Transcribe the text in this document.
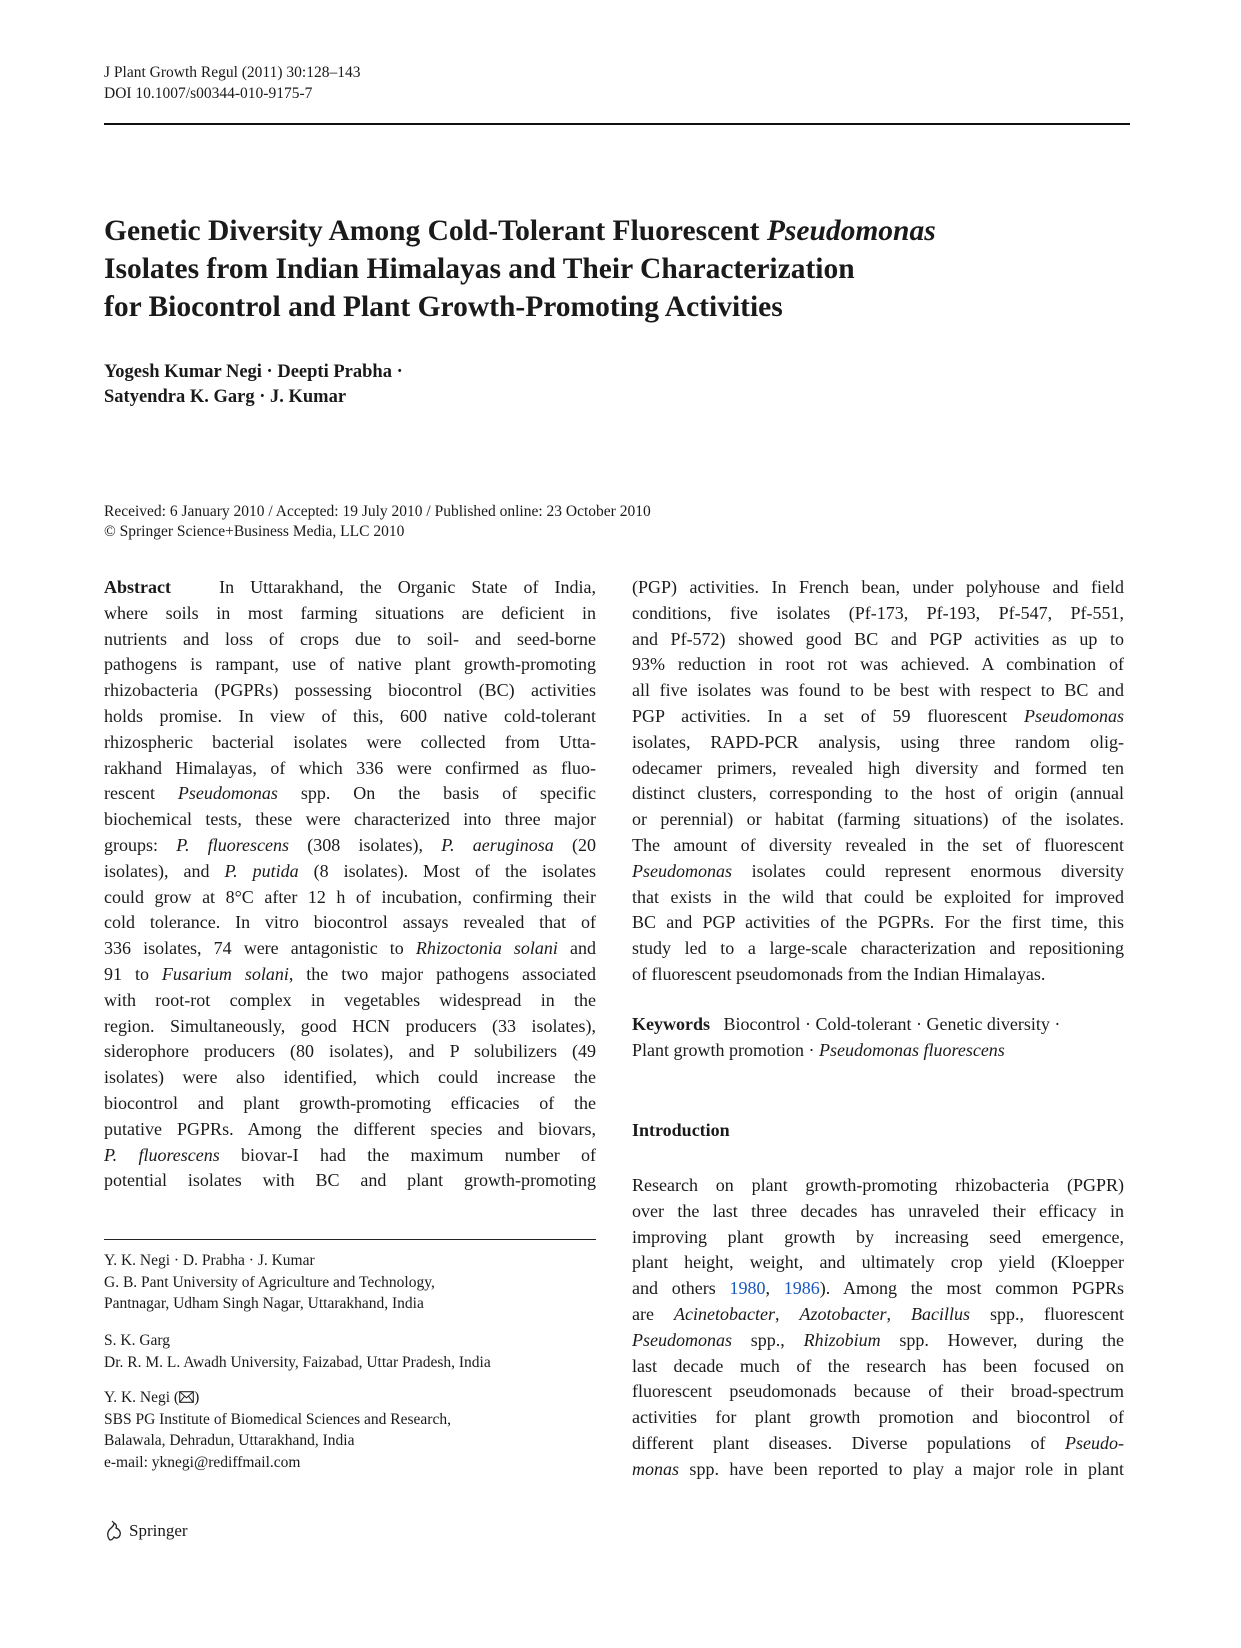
J Plant Growth Regul (2011) 30:128–143
DOI 10.1007/s00344-010-9175-7
Genetic Diversity Among Cold-Tolerant Fluorescent Pseudomonas
Isolates from Indian Himalayas and Their Characterization
for Biocontrol and Plant Growth-Promoting Activities
Yogesh Kumar Negi · Deepti Prabha ·
Satyendra K. Garg · J. Kumar
Received: 6 January 2010 / Accepted: 19 July 2010 / Published online: 23 October 2010
© Springer Science+Business Media, LLC 2010
Abstract	In Uttarakhand, the Organic State of India,
where soils in most farming situations are deficient in
nutrients and loss of crops due to soil- and seed-borne
pathogens is rampant, use of native plant growth-promoting
rhizobacteria (PGPRs) possessing biocontrol (BC) activities
holds promise. In view of this, 600 native cold-tolerant
rhizospheric bacterial isolates were collected from Utta-
rakhand Himalayas, of which 336 were confirmed as fluo-
rescent Pseudomonas spp. On the basis of specific
biochemical tests, these were characterized into three major
groups: P. fluorescens (308 isolates), P. aeruginosa (20
isolates), and P. putida (8 isolates). Most of the isolates
could grow at 8°C after 12 h of incubation, confirming their
cold tolerance. In vitro biocontrol assays revealed that of
336 isolates, 74 were antagonistic to Rhizoctonia solani and
91 to Fusarium solani, the two major pathogens associated
with root-rot complex in vegetables widespread in the
region. Simultaneously, good HCN producers (33 isolates),
siderophore producers (80 isolates), and P solubilizers (49
isolates) were also identified, which could increase the
biocontrol and plant growth-promoting efficacies of the
putative PGPRs. Among the different species and biovars,
P. fluorescens biovar-I had the maximum number of
potential isolates with BC and plant growth-promoting
(PGP) activities. In French bean, under polyhouse and field
conditions, five isolates (Pf-173, Pf-193, Pf-547, Pf-551,
and Pf-572) showed good BC and PGP activities as up to
93% reduction in root rot was achieved. A combination of
all five isolates was found to be best with respect to BC and
PGP activities. In a set of 59 fluorescent Pseudomonas
isolates, RAPD-PCR analysis, using three random olig-
odecamer primers, revealed high diversity and formed ten
distinct clusters, corresponding to the host of origin (annual
or perennial) or habitat (farming situations) of the isolates.
The amount of diversity revealed in the set of fluorescent
Pseudomonas isolates could represent enormous diversity
that exists in the wild that could be exploited for improved
BC and PGP activities of the PGPRs. For the first time, this
study led to a large-scale characterization and repositioning
of fluorescent pseudomonads from the Indian Himalayas.
Keywords Biocontrol · Cold-tolerant · Genetic diversity ·
Plant growth promotion · Pseudomonas fluorescens
Introduction
Research on plant growth-promoting rhizobacteria (PGPR)
over the last three decades has unraveled their efficacy in
improving plant growth by increasing seed emergence,
plant height, weight, and ultimately crop yield (Kloepper
and others 1980, 1986). Among the most common PGPRs
are Acinetobacter, Azotobacter, Bacillus spp., fluorescent
Pseudomonas spp., Rhizobium spp. However, during the
last decade much of the research has been focused on
fluorescent pseudomonads because of their broad-spectrum
activities for plant growth promotion and biocontrol of
different plant diseases. Diverse populations of Pseudo-
monas spp. have been reported to play a major role in plant
Y. K. Negi · D. Prabha · J. Kumar
G. B. Pant University of Agriculture and Technology,
Pantnagar, Udham Singh Nagar, Uttarakhand, India
S. K. Garg
Dr. R. M. L. Awadh University, Faizabad, Uttar Pradesh, India
Y. K. Negi ( )
SBS PG Institute of Biomedical Sciences and Research,
Balawala, Dehradun, Uttarakhand, India
e-mail: yknegi@rediffmail.com
Springer
